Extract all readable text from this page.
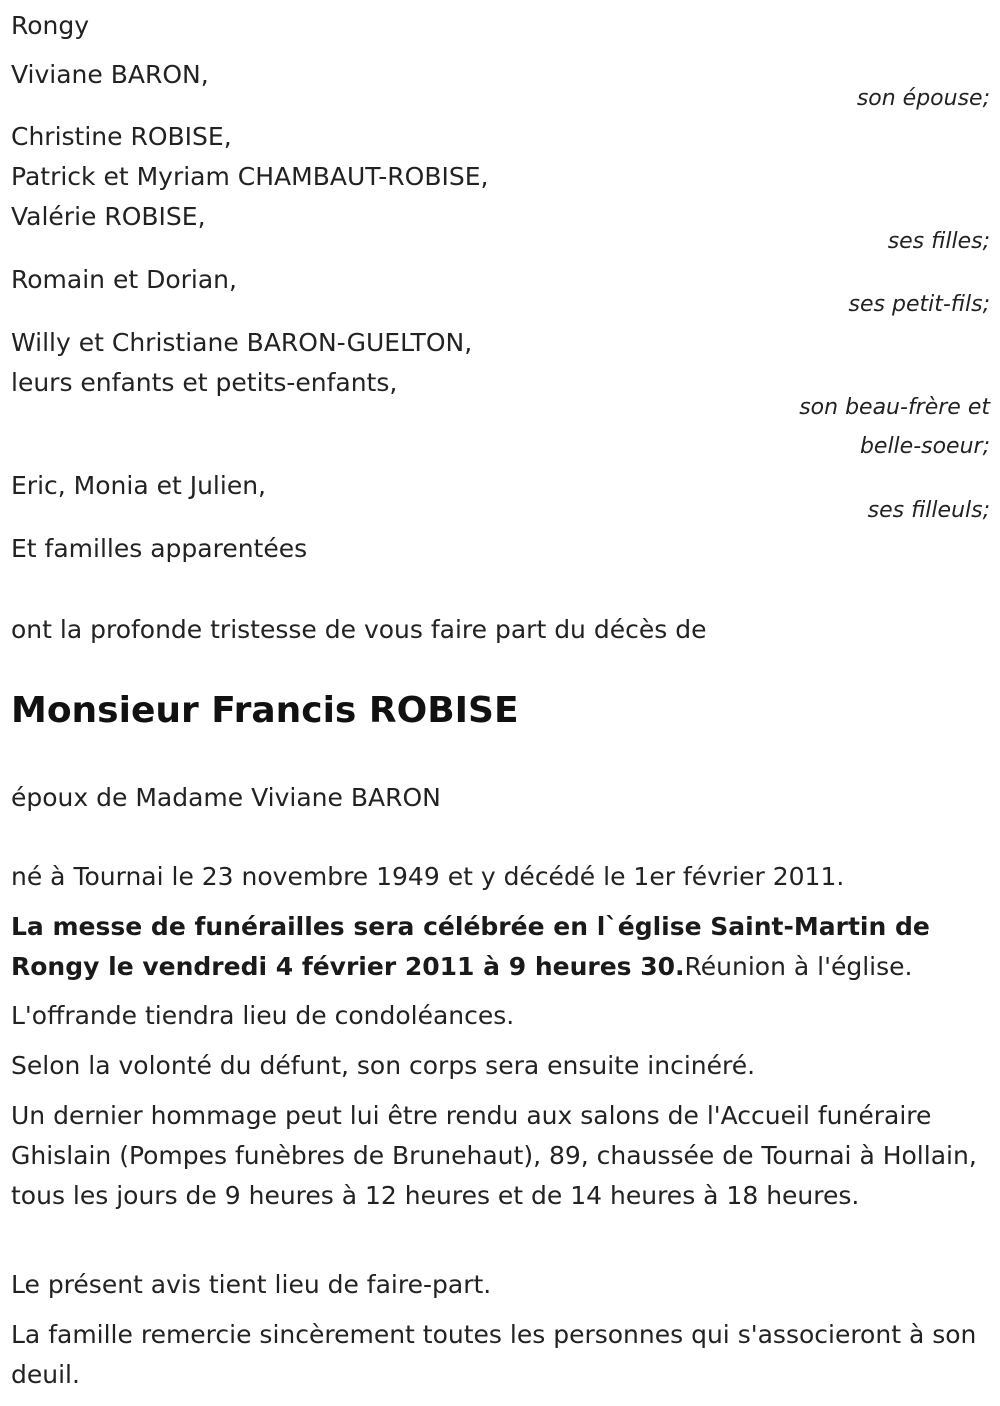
Rongy

Viviane BARON,

son épouse;

Christine ROBISE,

Patrick et Myriam CHAMBAUT-ROBISE,

Valérie ROBISE,

ses filles;

Romain et Dorian,

ses petit-fils;

Willy et Christiane BARON-GUELTON,

leurs enfants et petits-enfants,

son beau-frère et

belle-soeur;

Eric, Monia et Julien,

ses filleuls;

Et familles apparentées

ont la profonde tristesse de vous faire part du décès de

Monsieur Francis ROBISE

époux de Madame Viviane BARON

né à Tournai le 23 novembre 1949 et y décédé le 1er février 2011.

La messe de funérailles sera célébrée en l`église Saint-Martin de

Rongy le vendredi 4 février 2011 à 9 heures 30.Réunion à l'église.

L'offrande tiendra lieu de condoléances.

Selon la volonté du défunt, son corps sera ensuite incinéré.

Un dernier hommage peut lui être rendu aux salons de l'Accueil funéraire Ghislain (Pompes funèbres de Brunehaut), 89, chaussée de Tournai à Hollain, tous les jours de 9 heures à 12 heures et de 14 heures à 18 heures.

Le présent avis tient lieu de faire-part.

La famille remercie sincèrement toutes les personnes qui s'associeront à son deuil.
